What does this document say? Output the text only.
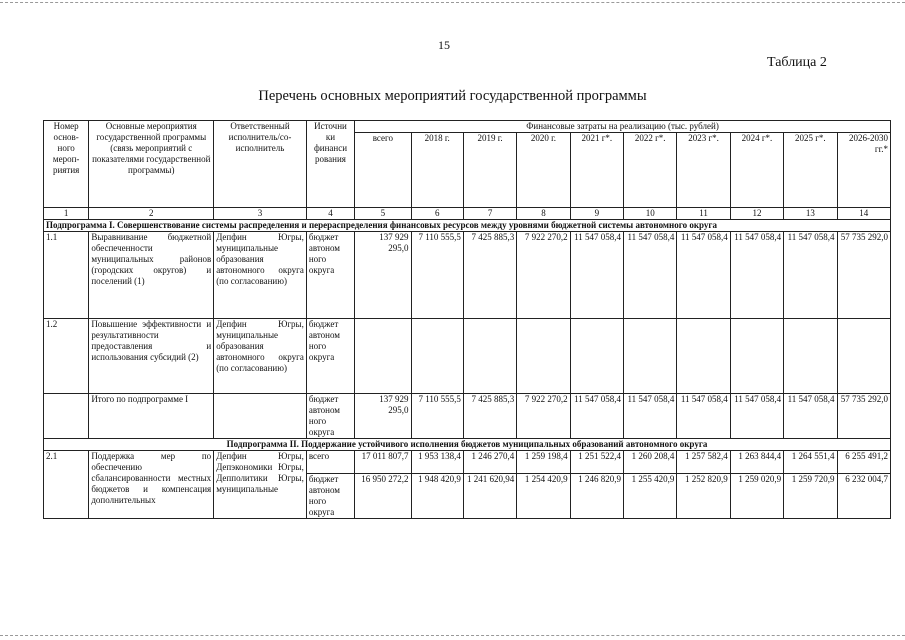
15
Таблица 2
Перечень основных мероприятий государственной программы
Номер основ-ного мероп-риятия	Основные мероприятия государственной программы (связь мероприятий с показателями государственной программы)	Ответственный исполнитель/со-исполнитель	Источни ки финанси рования	Финансовые затраты на реализацию (тыс. рублей)									
				всего	2018 г.	2019 г.	2020 г.	2021 г*.	2022 г*.	2023 г*.	2024 г*.	2025 г*.	2026-2030 гг.*
1	2	3	4	5	6	7	8	9	10	11	12	13	14
Подпрограмма I. Совершенствование системы распределения и перераспределения финансовых ресурсов между уровнями бюджетной системы автономного округа													
1.1	Выравнивание бюджетной обеспеченности муниципальных районов (городских округов) и поселений (1)	Депфин Югры, муниципальные образования автономного округа (по согласованию)	бюджет автоном ного округа	137 929 295,0	7 110 555,5	7 425 885,3	7 922 270,2	11 547 058,4	11 547 058,4	11 547 058,4	11 547 058,4	11 547 058,4	57 735 292,0
1.2	Повышение эффективности и результативности предоставления и использования субсидий (2)	Депфин Югры, муниципальные образования автономного округа (по согласованию)	бюджет автоном ного округа										
	Итого по подпрограмме I		бюджет автоном ного округа	137 929 295,0	7 110 555,5	7 425 885,3	7 922 270,2	11 547 058,4	11 547 058,4	11 547 058,4	11 547 058,4	11 547 058,4	57 735 292,0
Подпрограмма II. Поддержание устойчивого исполнения бюджетов муниципальных образований автономного округа													
2.1	Поддержка мер по обеспечению сбалансированности местных бюджетов и компенсация дополнительных	Депфин Югры, Депэкономики Югры, Депполитики Югры, муниципальные	всего	17 011 807,7	1 953 138,4	1 246 270,4	1 259 198,4	1 251 522,4	1 260 208,4	1 257 582,4	1 263 844,4	1 264 551,4	6 255 491,2
			бюджет автоном ного округа	16 950 272,2	1 948 420,9	1 241 620,94	1 254 420,9	1 246 820,9	1 255 420,9	1 252 820,9	1 259 020,9	1 259 720,9	6 232 004,7
